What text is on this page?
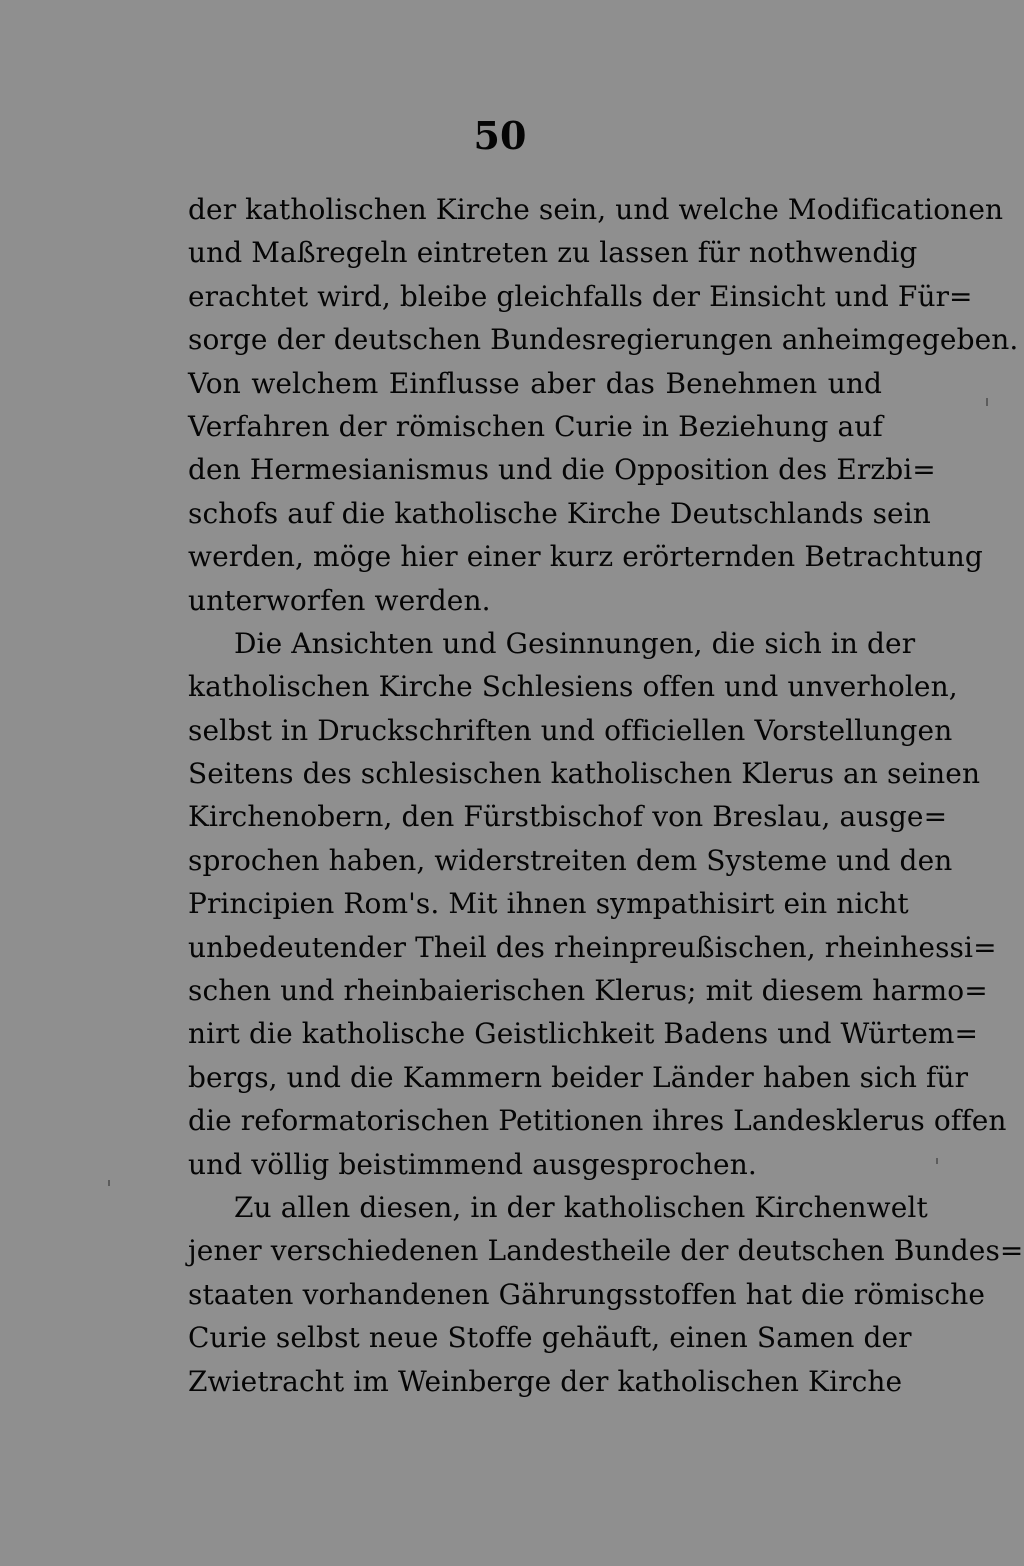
50
der katholischen Kirche sein, und welche Modificationen
und Maßregeln eintreten zu lassen für nothwendig
erachtet wird, bleibe gleichfalls der Einsicht und Für=
sorge der deutschen Bundesregierungen anheimgegeben.
Von welchem Einflusse aber das Benehmen und
Verfahren der römischen Curie in Beziehung auf
den Hermesianismus und die Opposition des Erzbi=
schofs auf die katholische Kirche Deutschlands sein
werden, möge hier einer kurz erörternden Betrachtung
unterworfen werden.
Die Ansichten und Gesinnungen, die sich in der
katholischen Kirche Schlesiens offen und unverholen,
selbst in Druckschriften und officiellen Vorstellungen
Seitens des schlesischen katholischen Klerus an seinen
Kirchenobern, den Fürstbischof von Breslau, ausge=
sprochen haben, widerstreiten dem Systeme und den
Principien Rom's. Mit ihnen sympathisirt ein nicht
unbedeutender Theil des rheinpreußischen, rheinhessi=
schen und rheinbaierischen Klerus; mit diesem harmo=
nirt die katholische Geistlichkeit Badens und Würtem=
bergs, und die Kammern beider Länder haben sich für
die reformatorischen Petitionen ihres Landesklerus offen
und völlig beistimmend ausgesprochen.
Zu allen diesen, in der katholischen Kirchenwelt
jener verschiedenen Landestheile der deutschen Bundes=
staaten vorhandenen Gährungsstoffen hat die römische
Curie selbst neue Stoffe gehäuft, einen Samen der
Zwietracht im Weinberge der katholischen Kirche
